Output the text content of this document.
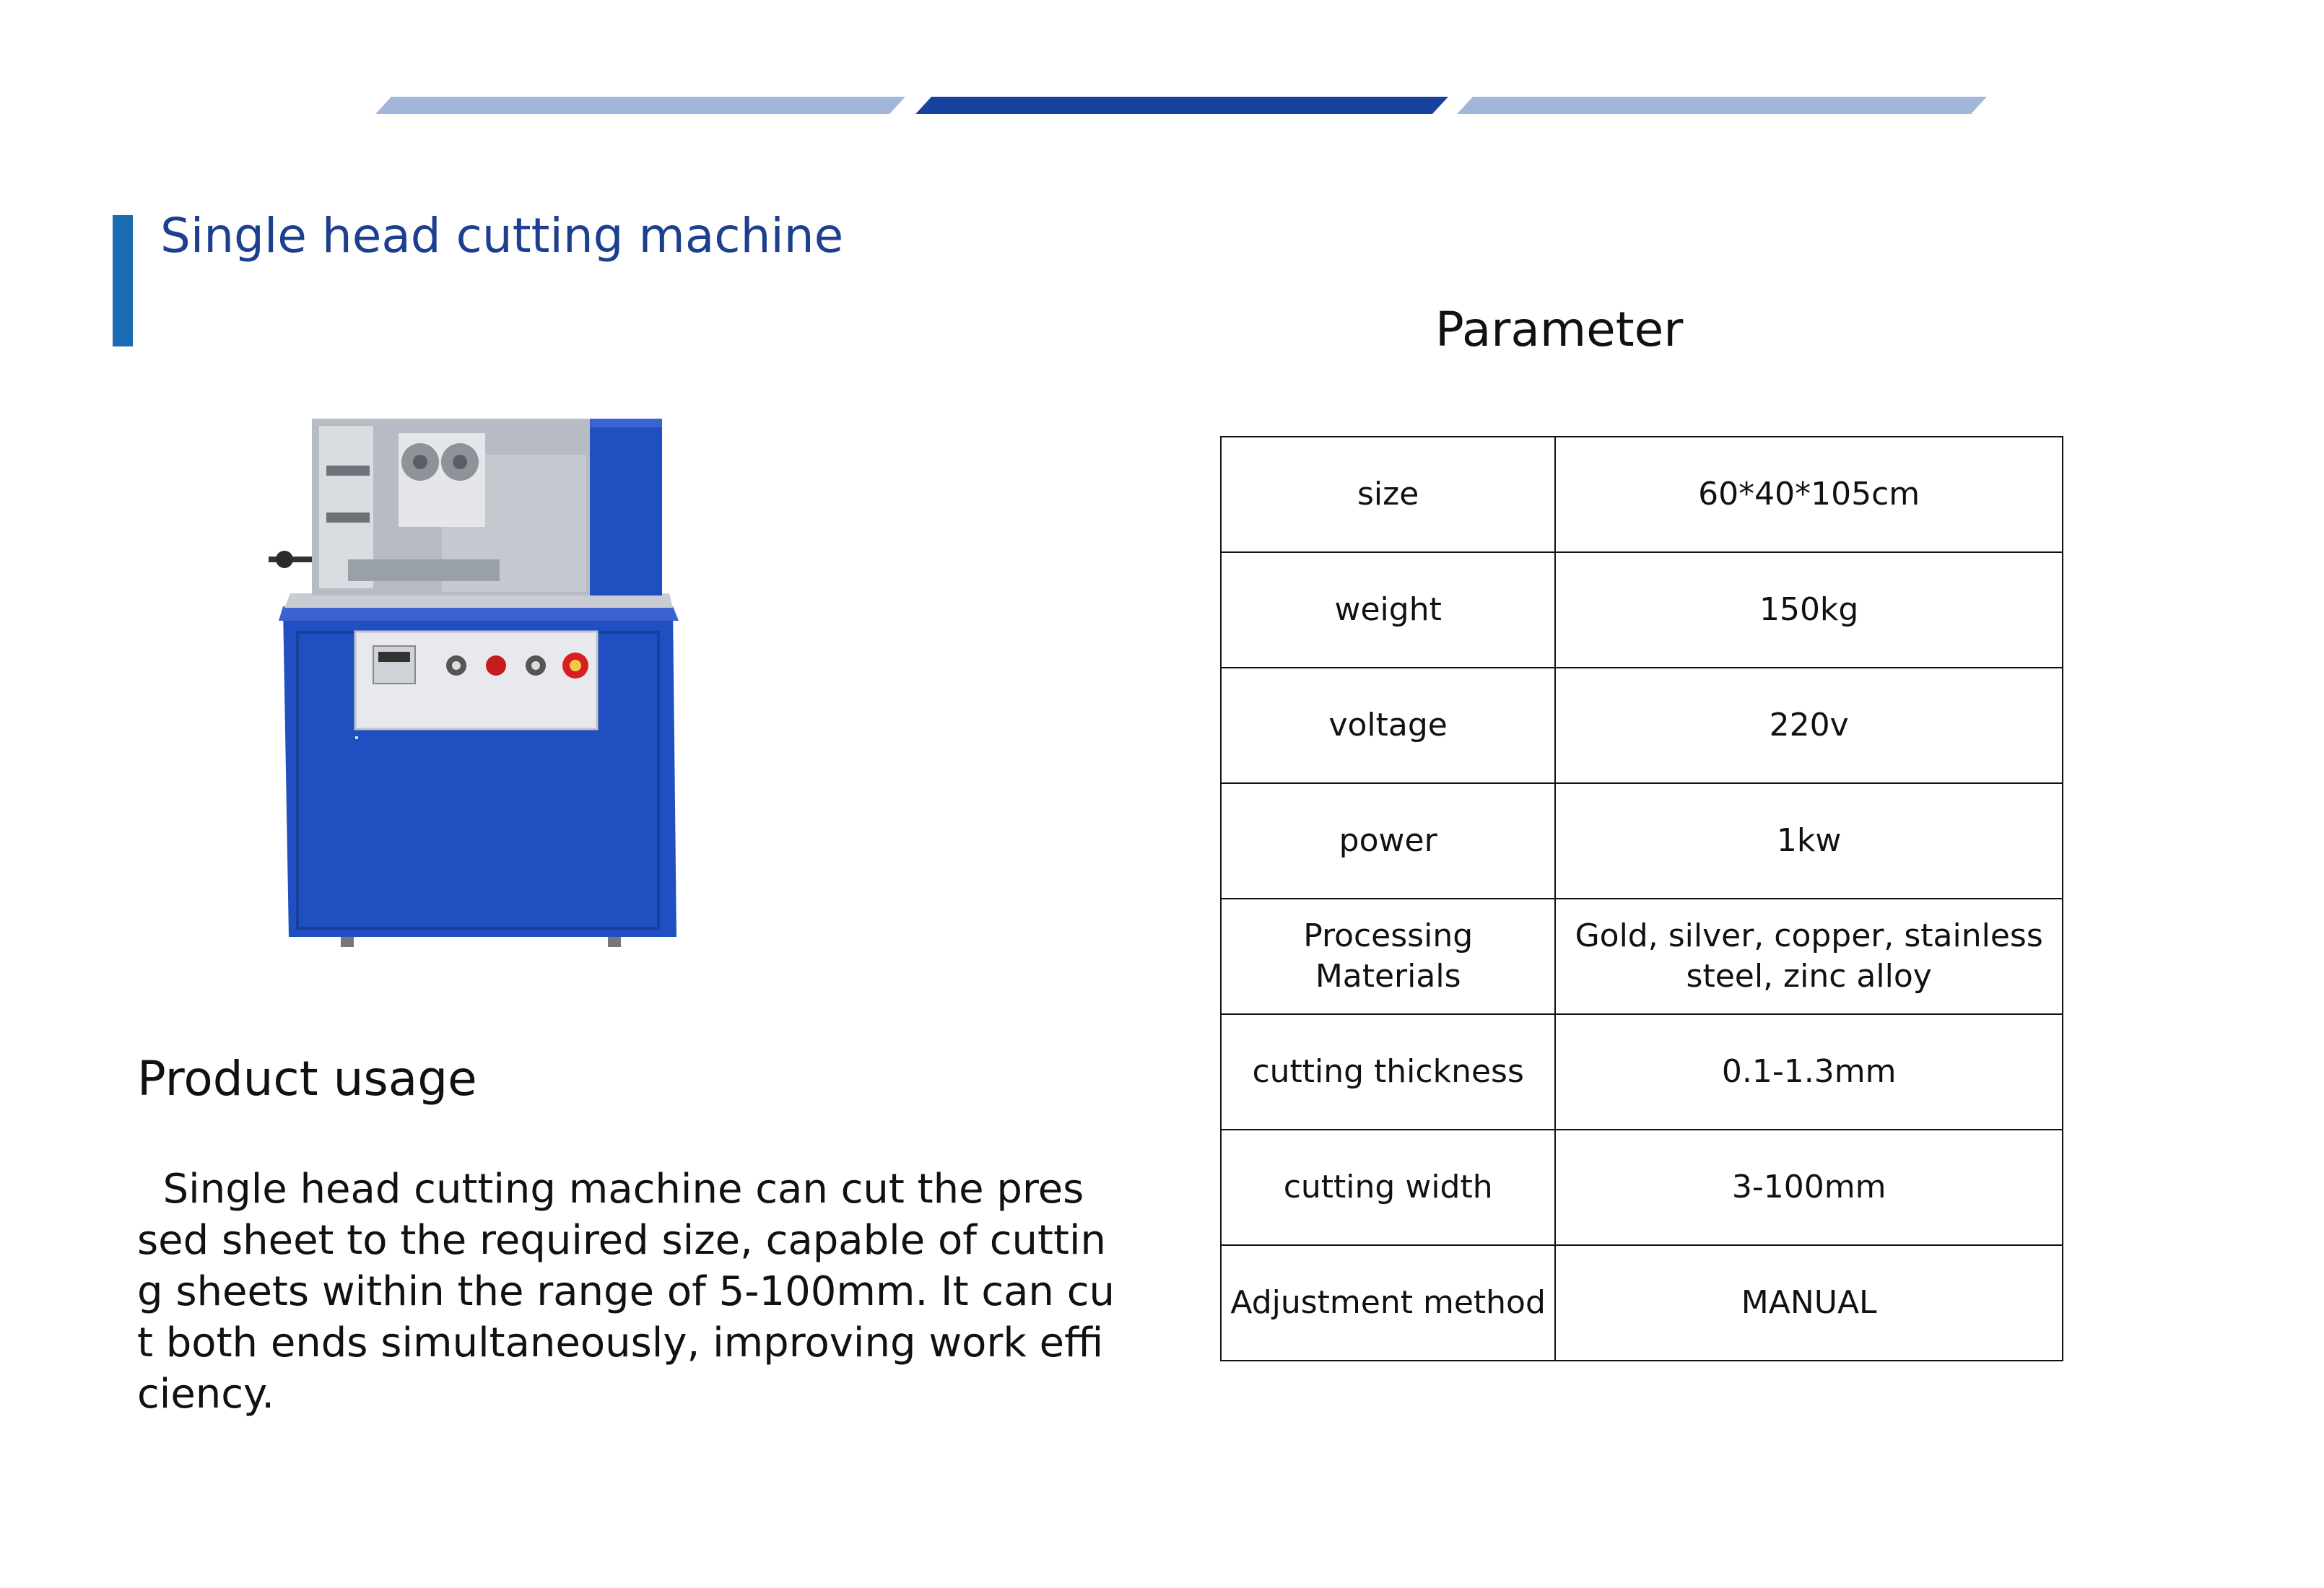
Single head cutting machine
Parameter
Product usage
Single head cutting machine can cut the pres
sed sheet to the required size, capable of cuttin
g sheets within the range of 5-100mm. It can cu
t both ends simultaneously, improving work effi
ciency.
size	60*40*105cm
weight	150kg
voltage	220v
power	1kw
Processing Materials	Gold, silver, copper, stainless steel, zinc alloy
cutting thickness	0.1-1.3mm
cutting width	3-100mm
Adjustment method	MANUAL
